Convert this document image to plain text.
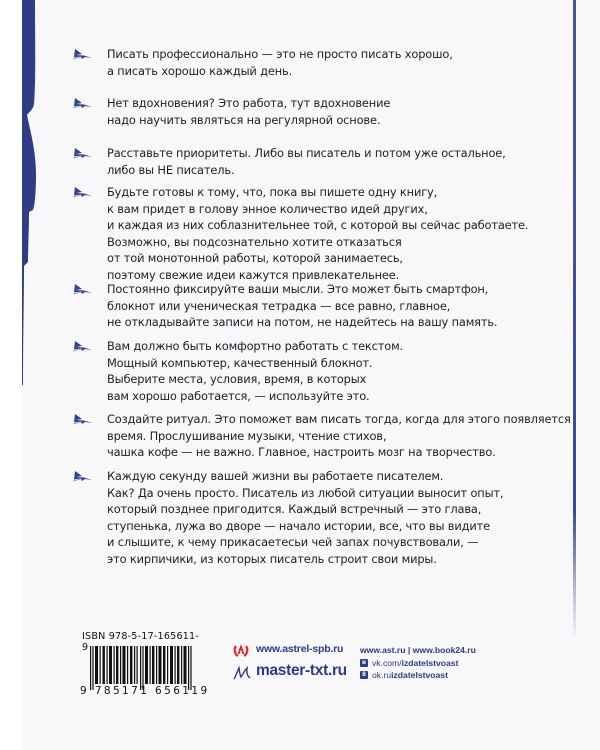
Писать профессионально — это не просто писать хорошо,
а писать хорошо каждый день.
Нет вдохновения? Это работа, тут вдохновение
надо научить являться на регулярной основе.
Расставьте приоритеты. Либо вы писатель и потом уже остальное,
либо вы НЕ писатель.
Будьте готовы к тому, что, пока вы пишете одну книгу,
к вам придет в голову энное количество идей других,
и каждая из них соблазнительнее той, с которой вы сейчас работаете.
Возможно, вы подсознательно хотите отказаться
от той монотонной работы, которой занимаетесь,
поэтому свежие идеи кажутся привлекательнее.
Постоянно фиксируйте ваши мысли. Это может быть смартфон,
блокнот или ученическая тетрадка — все равно, главное,
не откладывайте записи на потом, не надейтесь на вашу память.
Вам должно быть комфортно работать с текстом.
Мощный компьютер, качественный блокнот.
Выберите места, условия, время, в которых
вам хорошо работается, — используйте это.
Создайте ритуал. Это поможет вам писать тогда, когда для этого появляется
время. Прослушивание музыки, чтение стихов,
чашка кофе — не важно. Главное, настроить мозг на творчество.
Каждую секунду вашей жизни вы работаете писателем.
Как? Да очень просто. Писатель из любой ситуации выносит опыт,
который позднее пригодится. Каждый встречный — это глава,
ступенька, лужа во дворе — начало истории, все, что вы видите
и слышите, к чему прикасаетесьи чей запах почувствовали, —
это кирпичики, из которых писатель строит свои миры.
ISBN 978-5-17-165611-9
9 785171 656119
www.astrel-spb.ru
master-txt.ru
www.ast.ru | www.book24.ru
в vk.com/izdatelstvoast
8 ok.ruizdatelstvoast
